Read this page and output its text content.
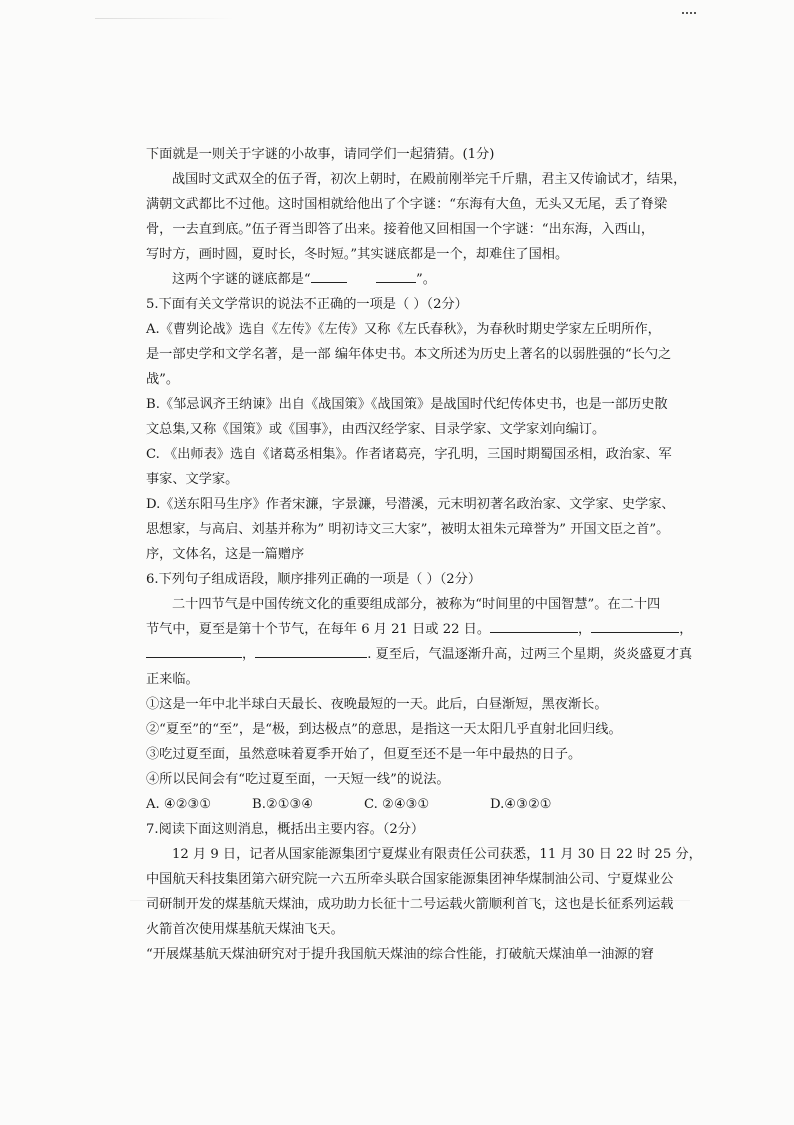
下面就是一则关于字谜的小故事，请同学们一起猜猜。(1分)
战国时文武双全的伍子胥，初次上朝时，在殿前刚举完千斤鼎，君主又传谕试才，结果，
满朝文武都比不过他。这时国相就给他出了个字谜：“东海有大鱼，无头又无尾，丢了脊梁
骨，一去直到底。”伍子胥当即答了出来。接着他又回相国一个字谜：“出东海，入西山，
写时方，画时圆，夏时长，冬时短。”其实谜底都是一个，却难住了国相。
这两个字谜的谜底都是“	”。
5.下面有关文学常识的说法不正确的一项是（ ）（2分）
A.《曹刿论战》选自《左传》《左传》又称《左氏春秋》，为春秋时期史学家左丘明所作，
是一部史学和文学名著，是一部 编年体史书。本文所述为历史上著名的以弱胜强的“长勺之
战”。
B.《邹忌讽齐王纳谏》出自《战国策》《战国策》是战国时代纪传体史书，也是一部历史散
文总集,又称《国策》或《国事》，由西汉经学家、目录学家、文学家刘向编订。
C. 《出师表》选自《诸葛丞相集》。作者诸葛亮，字孔明，三国时期蜀国丞相，政治家、军
事家、文学家。
D.《送东阳马生序》作者宋濂，字景濂，号潜溪，元末明初著名政治家、文学家、史学家、
思想家，与高启、刘基并称为” 明初诗文三大家”，被明太祖朱元璋誉为” 开国文臣之首”。
序，文体名，这是一篇赠序
6.下列句子组成语段，顺序排列正确的一项是（ ）（2分）
二十四节气是中国传统文化的重要组成部分，被称为“时间里的中国智慧”。在二十四
节气中，夏至是第十个节气，在每年 6 月 21 日或 22 日。	，	，
，	. 夏至后，气温逐渐升高，过两三个星期，炎炎盛夏才真
正来临。
①这是一年中北半球白天最长、夜晚最短的一天。此后，白昼渐短，黑夜渐长。
②“夏至”的“至”，是“极，到达极点”的意思，是指这一天太阳几乎直射北回归线。
③吃过夏至面，虽然意味着夏季开始了，但夏至还不是一年中最热的日子。
④所以民间会有“吃过夏至面，一天短一线”的说法。
A. ④②③①	B.②①③④	C. ②④③①	D.④③②①
7.阅读下面这则消息，概括出主要内容。（2分）
12 月 9 日，记者从国家能源集团宁夏煤业有限责任公司获悉，11 月 30 日 22 时 25 分，
中国航天科技集团第六研究院一六五所牵头联合国家能源集团神华煤制油公司、宁夏煤业公
司研制开发的煤基航天煤油，成功助力长征十二号运载火箭顺利首飞，这也是长征系列运载
火箭首次使用煤基航天煤油飞天。
“开展煤基航天煤油研究对于提升我国航天煤油的综合性能，打破航天煤油单一油源的窘
